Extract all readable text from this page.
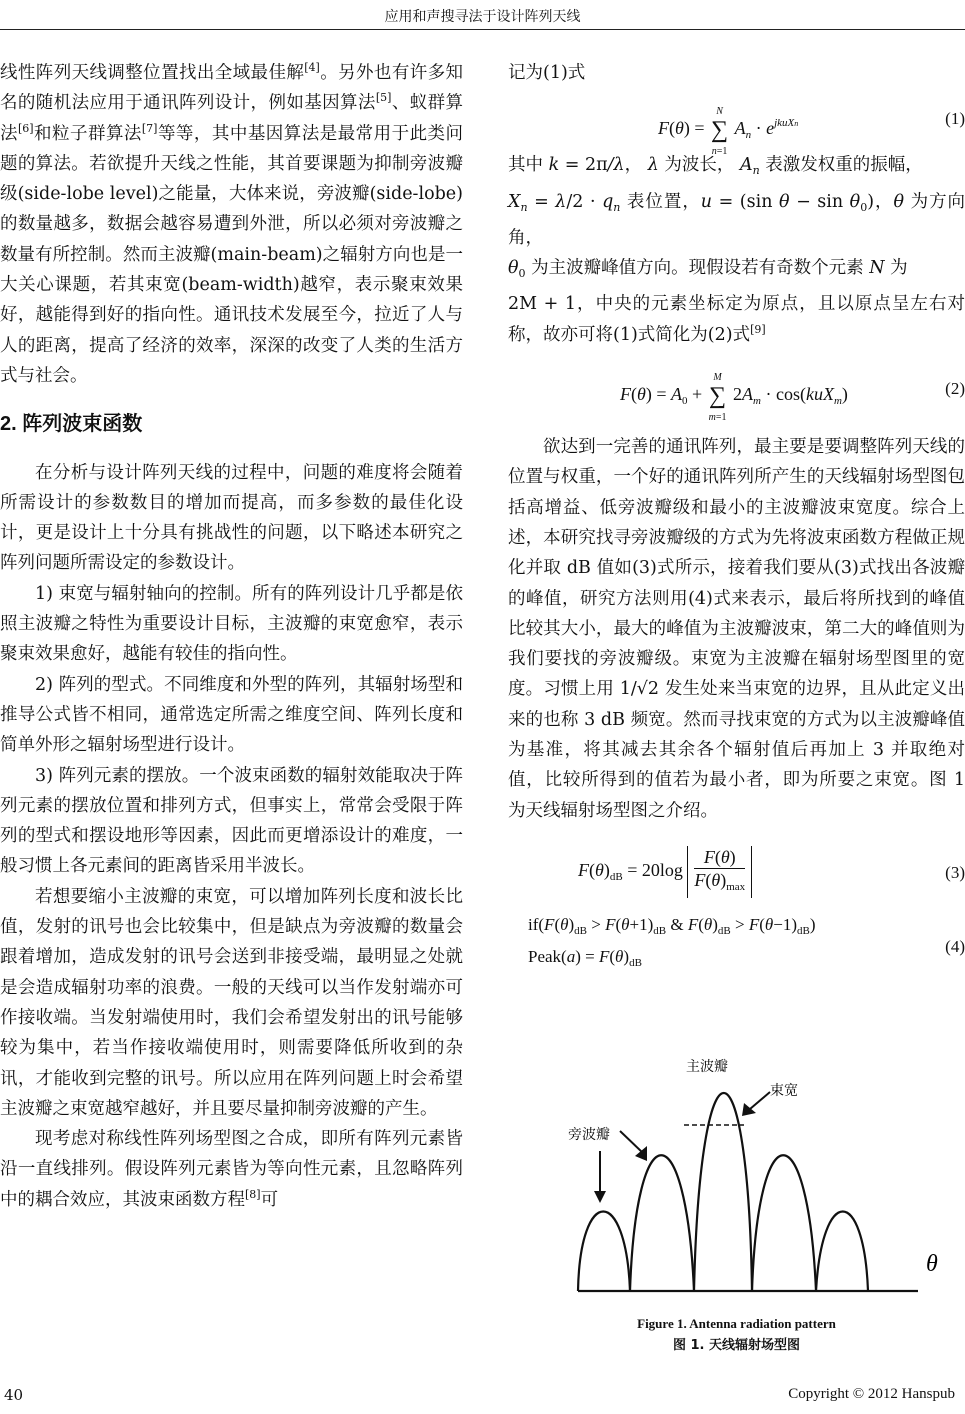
应用和声搜寻法于设计阵列天线

线性阵列天线调整位置找出全域最佳解[4]。另外也有许多知名的随机法应用于通讯阵列设计，例如基因算法[5]、蚁群算法[6]和粒子群算法[7]等等，其中基因算法是最常用于此类问题的算法。若欲提升天线之性能，其首要课题为抑制旁波瓣级(side-lobe level)之能量，大体来说，旁波瓣(side-lobe)的数量越多，数据会越容易遭到外泄，所以必须对旁波瓣之数量有所控制。然而主波瓣(main-beam)之辐射方向也是一大关心课题，若其束宽(beam-width)越窄，表示聚束效果好，越能得到好的指向性。通讯技术发展至今，拉近了人与人的距离，提高了经济的效率，深深的改变了人类的生活方式与社会。

2. 阵列波束函数

在分析与设计阵列天线的过程中，问题的难度将会随着所需设计的参数数目的增加而提高，而多参数的最佳化设计，更是设计上十分具有挑战性的问题，以下略述本研究之阵列问题所需设定的参数设计。

1) 束宽与辐射轴向的控制。所有的阵列设计几乎都是依照主波瓣之特性为重要设计目标，主波瓣的束宽愈窄，表示聚束效果愈好，越能有较佳的指向性。

2) 阵列的型式。不同维度和外型的阵列，其辐射场型和推导公式皆不相同，通常选定所需之维度空间、阵列长度和简单外形之辐射场型进行设计。

3) 阵列元素的摆放。一个波束函数的辐射效能取决于阵列元素的摆放位置和排列方式，但事实上，常常会受限于阵列的型式和摆设地形等因素，因此而更增添设计的难度，一般习惯上各元素间的距离皆采用半波长。

若想要缩小主波瓣的束宽，可以增加阵列长度和波长比值，发射的讯号也会比较集中，但是缺点为旁波瓣的数量会跟着增加，造成发射的讯号会送到非接受端，最明显之处就是会造成辐射功率的浪费。一般的天线可以当作发射端亦可作接收端。当发射端使用时，我们会希望发射出的讯号能够较为集中，若当作接收端使用时，则需要降低所收到的杂讯，才能收到完整的讯号。所以应用在阵列问题上时会希望主波瓣之束宽越窄越好，并且要尽量抑制旁波瓣的产生。

现考虑对称线性阵列场型图之合成，即所有阵列元素皆沿一直线排列。假设阵列元素皆为等向性元素，且忽略阵列中的耦合效应，其波束函数方程[8]可

记为(1)式

F(θ) = N
∑
n=1 $A_n \cdot e^{jkuXn}$	(1)

其中 k = 2π/λ， λ 为波长， $A_n$ 表激发权重的振幅，

$X_n = \lambda/2 \cdot q_n$ 表位置，u = (sin $\theta - \sin \theta_0$)，θ 为方向角，

$\theta_0$ 为主波瓣峰值方向。现假设若有奇数个元素 N 为

2M + 1，中央的元素坐标定为原点，且以原点呈左右对称，故亦可将(1)式简化为(2)式[9]

$F(\theta) = A_0 + M$
∑
m=1 $2A_m \cdot \cos(kuX_m)$	(2)

欲达到一完善的通讯阵列，最主要是要调整阵列天线的位置与权重，一个好的通讯阵列所产生的天线辐射场型图包括高增益、低旁波瓣级和最小的主波瓣波束宽度。综合上述，本研究找寻旁波瓣级的方式为先将波束函数方程做正规化并取 dB 值如(3)式所示，接着我们要从(3)式找出各波瓣的峰值，研究方法则用(4)式来表示，最后将所找到的峰值比较其大小，最大的峰值为主波瓣波束，第二大的峰值则为我们要找的旁波瓣级。束宽为主波瓣在辐射场型图里的宽度。习惯上用 1/√2 发生处来当束宽的边界，且从此定义出来的也称 3 dB 频宽。然而寻找束宽的方式为以主波瓣峰值为基准，将其减去其余各个辐射值后再加上 3 并取绝对值，比较所得到的值若为最小者，即为所要之束宽。图 1 为天线辐射场型图之介绍。

$F(\theta)_{dB} = 20\log$
F(θ)
$F(\theta)_{max}$
(3)
$if(F(\theta)_{dB} > F(\theta+1)_{dB}$ & $F(\theta)_{dB} > F(\theta-1)_{dB}$)
Peak(a) = $F(\theta)_{dB}$
(4)
主波瓣
旁波瓣
束宽
θ
Figure 1. Antenna radiation pattern
图 1. 天线辐射场型图
40	Copyright © 2012 Hanspub
